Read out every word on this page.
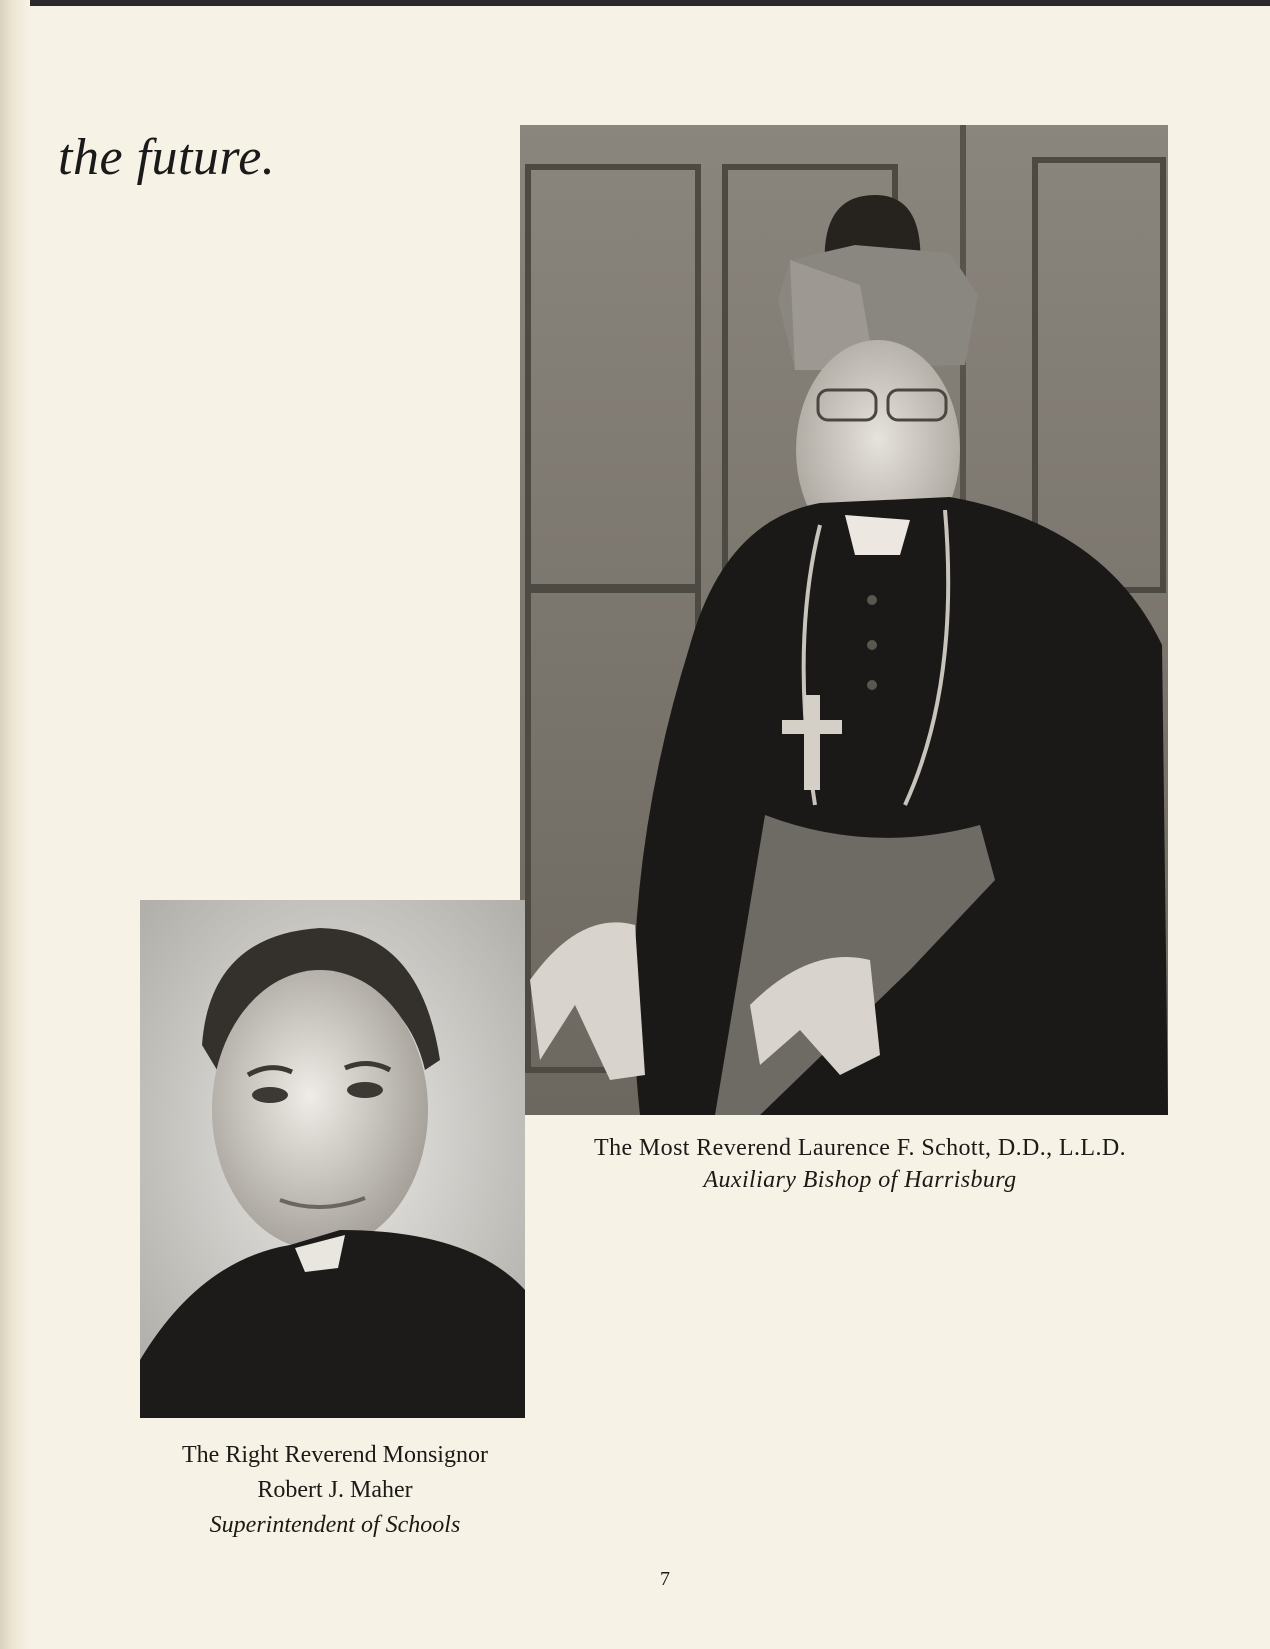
the future.
The Most Reverend Laurence F. Schott, D.D., L.L.D.
Auxiliary Bishop of Harrisburg
The Right Reverend Monsignor
Robert J. Maher
Superintendent of Schools
7
